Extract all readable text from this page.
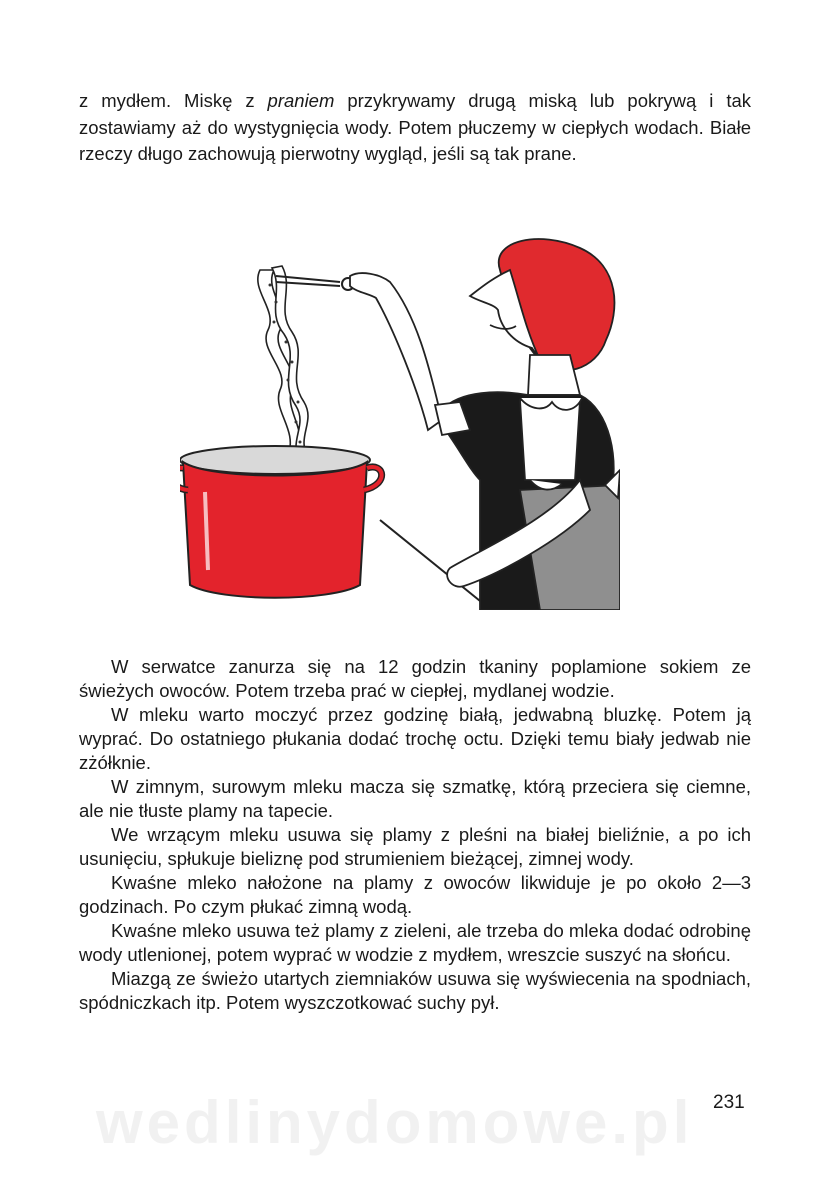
z mydłem. Miskę z praniem przykrywamy drugą miską lub pokrywą i tak zostawiamy aż do wystygnięcia wody. Potem płuczemy w ciepłych wodach. Białe rzeczy długo zachowują pierwotny wygląd, jeśli są tak prane.

W serwatce zanurza się na 12 godzin tkaniny poplamione sokiem ze świeżych owoców. Potem trzeba prać w ciepłej, mydlanej wodzie.

W mleku warto moczyć przez godzinę białą, jedwabną bluzkę. Potem ją wyprać. Do ostatniego płukania dodać trochę octu. Dzięki temu biały jedwab nie zżółknie.

W zimnym, surowym mleku macza się szmatkę, którą przeciera się ciemne, ale nie tłuste plamy na tapecie.

We wrzącym mleku usuwa się plamy z pleśni na białej bieliźnie, a po ich usunięciu, spłukuje bieliznę pod strumieniem bieżącej, zimnej wody.

Kwaśne mleko nałożone na plamy z owoców likwiduje je po około 2—3 godzinach. Po czym płukać zimną wodą.

Kwaśne mleko usuwa też plamy z zieleni, ale trzeba do mleka dodać odrobinę wody utlenionej, potem wyprać w wodzie z mydłem, wreszcie suszyć na słońcu.

Miazgą ze świeżo utartych ziemniaków usuwa się wyświecenia na spodniach, spódniczkach itp. Potem wyszczotkować suchy pył.

wedlinydomowe.pl	231
